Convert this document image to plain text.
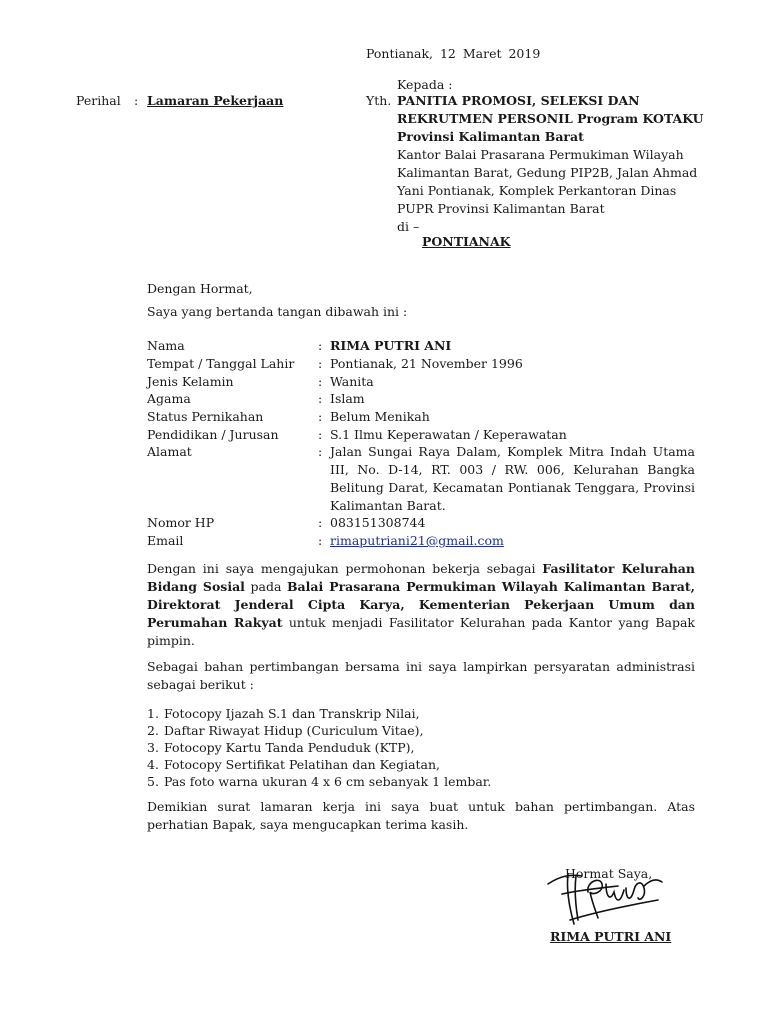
Pontianak, 12 Maret 2019
Perihal : Lamaran Pekerjaan
Kepada :
Yth. PANITIA PROMOSI, SELEKSI DAN
REKRUTMEN PERSONIL Program KOTAKU
Provinsi Kalimantan Barat
Kantor Balai Prasarana Permukiman Wilayah
Kalimantan Barat, Gedung PIP2B, Jalan Ahmad
Yani Pontianak, Komplek Perkantoran Dinas
PUPR Provinsi Kalimantan Barat
di –
PONTIANAK
Dengan Hormat,
Saya yang bertanda tangan dibawah ini :
Nama	: RIMA PUTRI ANI
Tempat / Tanggal Lahir : Pontianak, 21 November 1996
Jenis Kelamin	: Wanita
Agama	: Islam
Status Pernikahan	: Belum Menikah
Pendidikan / Jurusan	: S.1 Ilmu Keperawatan / Keperawatan
Alamat	: Jalan Sungai Raya Dalam, Komplek Mitra Indah Utama III, No. D-14, RT. 003 / RW. 006, Kelurahan Bangka Belitung Darat, Kecamatan Pontianak Tenggara, Provinsi Kalimantan Barat.
Nomor HP	: 083151308744
Email	: rimaputriani21@gmail.com
Dengan ini saya mengajukan permohonan bekerja sebagai Fasilitator Kelurahan Bidang Sosial pada Balai Prasarana Permukiman Wilayah Kalimantan Barat, Direktorat Jenderal Cipta Karya, Kementerian Pekerjaan Umum dan Perumahan Rakyat untuk menjadi Fasilitator Kelurahan pada Kantor yang Bapak pimpin.
Sebagai bahan pertimbangan bersama ini saya lampirkan persyaratan administrasi sebagai berikut :
1. Fotocopy Ijazah S.1 dan Transkrip Nilai,
2. Daftar Riwayat Hidup (Curiculum Vitae),
3. Fotocopy Kartu Tanda Penduduk (KTP),
4. Fotocopy Sertifikat Pelatihan dan Kegiatan,
5. Pas foto warna ukuran 4 x 6 cm sebanyak 1 lembar.
Demikian surat lamaran kerja ini saya buat untuk bahan pertimbangan. Atas perhatian Bapak, saya mengucapkan terima kasih.
Hormat Saya,
RIMA PUTRI ANI
